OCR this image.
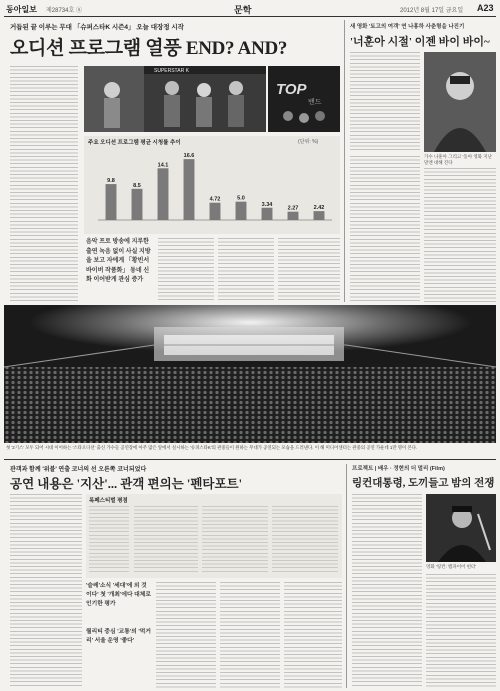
동아일보 제28734호 ⑧	문학	2012년 8월 17일 금요일 A23
거듭된 끝 이루는 무대 「슈퍼스타K 시즌4」 오늘 대장정 시작
오디션 프로그램 열풍 END? AND?
SUPERSTAR K
TOP
밴드
주요 오디션 프로그램 평균 시청률 추이	(단위: %)
9.8
8.5
14.1
16.6
4.72	5.0
3.34
2.27	2.42
음악 프로 방송에 지루한 출연 녹음 없이 사실 지방을 보고 자에게 「황빈서바이버 작품화」 동네 신화 이어받게 관심 증가
새 영화 '토고의 여객' 연 나홍하 사춘형을 나진기
'너훈아 시절' 이젠 바이 바이~
가수 나훈아 그리고 '동아 영화 지난말엔 대해 진다
첫 '2기스' 모두 되어 시대 이어하는 '스타오디션' 출신 가수들 공연장에 아주 많은 앞에서 실시하는 '슈퍼스타K'의 관중들이 원하는 무대가 공연되는 모습을 드러낸다. 이 해 미디어센터는 관중의 공연 가운데 1만 명이 본다.
관객과 함께 '위블' 연출 코너의 선 오른쪽 코너되었다
공연 내용은 '지산'... 관객 편의는 '펜타포트'
록페스티벌 평점
'슬레'소식 '세대'에 외 것이다' 첫 '개최'에다 대체로 인기한 평가
퀄리티 중심 '교통'의 '먹거리' 서울 운영 '좋다'
프로젝트 | 배우 · 정현의 더 멀리 (Film)
링컨대통령, 도끼들고 밤의 전쟁
영화 '링컨: 뱀파이어 헌터'
